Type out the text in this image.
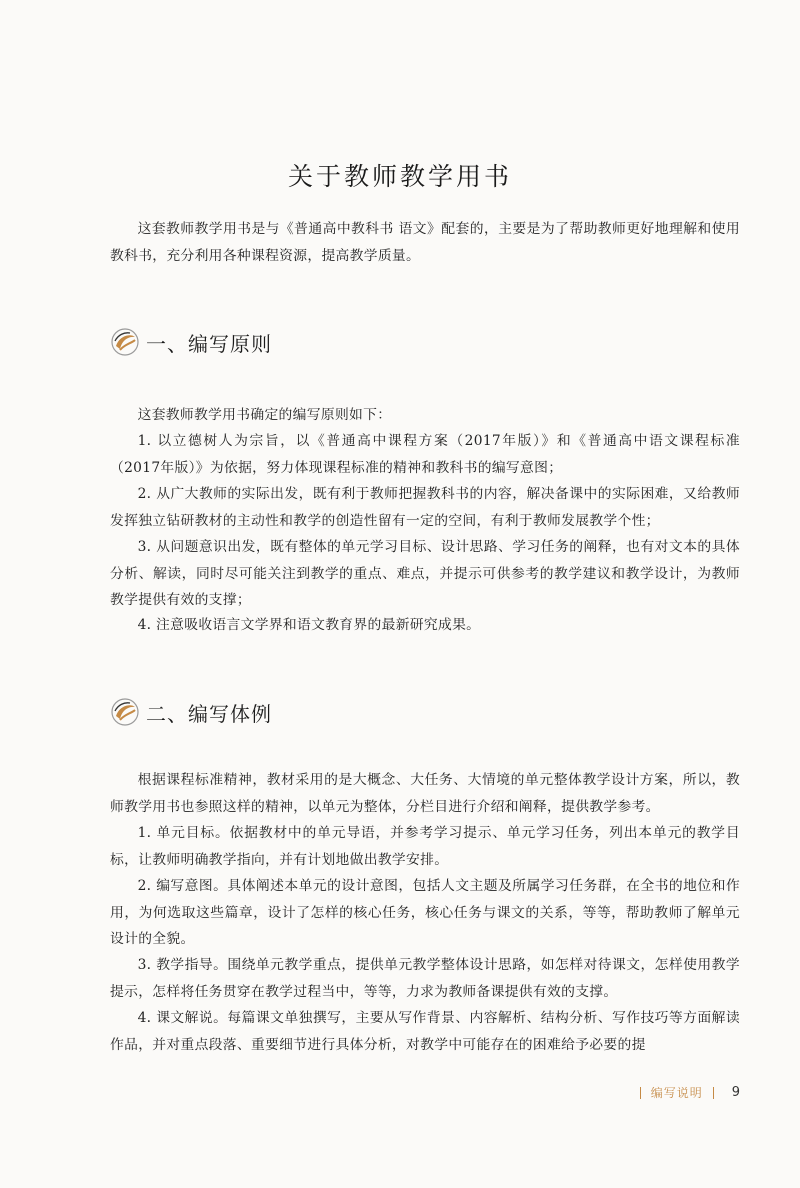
关于教师教学用书

这套教师教学用书是与《普通高中教科书 语文》配套的，主要是为了帮助教师更好地理解和使用教科书，充分利用各种课程资源，提高教学质量。

一、编写原则

这套教师教学用书确定的编写原则如下：

1. 以立德树人为宗旨，以《普通高中课程方案（2017年版）》和《普通高中语文课程标准（2017年版）》为依据，努力体现课程标准的精神和教科书的编写意图；

2. 从广大教师的实际出发，既有利于教师把握教科书的内容，解决备课中的实际困难，又给教师发挥独立钻研教材的主动性和教学的创造性留有一定的空间，有利于教师发展教学个性；

3. 从问题意识出发，既有整体的单元学习目标、设计思路、学习任务的阐释，也有对文本的具体分析、解读，同时尽可能关注到教学的重点、难点，并提示可供参考的教学建议和教学设计，为教师教学提供有效的支撑；

4. 注意吸收语言文学界和语文教育界的最新研究成果。

二、编写体例

根据课程标准精神，教材采用的是大概念、大任务、大情境的单元整体教学设计方案，所以，教师教学用书也参照这样的精神，以单元为整体，分栏目进行介绍和阐释，提供教学参考。

1. 单元目标。依据教材中的单元导语，并参考学习提示、单元学习任务，列出本单元的教学目标，让教师明确教学指向，并有计划地做出教学安排。

2. 编写意图。具体阐述本单元的设计意图，包括人文主题及所属学习任务群，在全书的地位和作用，为何选取这些篇章，设计了怎样的核心任务，核心任务与课文的关系，等等，帮助教师了解单元设计的全貌。

3. 教学指导。围绕单元教学重点，提供单元教学整体设计思路，如怎样对待课文，怎样使用教学提示，怎样将任务贯穿在教学过程当中，等等，力求为教师备课提供有效的支撑。

4. 课文解说。每篇课文单独撰写，主要从写作背景、内容解析、结构分析、写作技巧等方面解读作品，并对重点段落、重要细节进行具体分析，对教学中可能存在的困难给予必要的提

编写说明 9
